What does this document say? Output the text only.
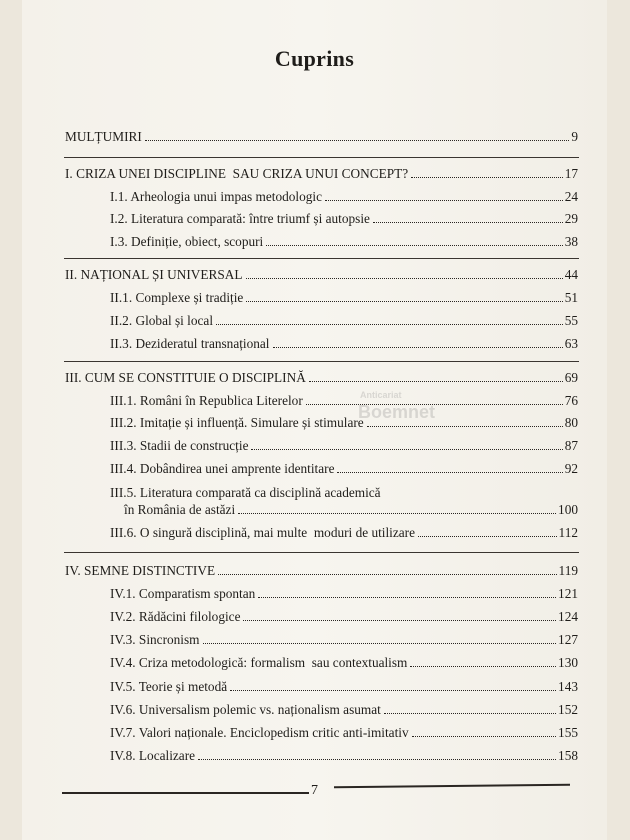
Cuprins
MULȚUMIRI	9
I. CRIZA UNEI DISCIPLINE  SAU CRIZA UNUI CONCEPT?	17
I.1. Arheologia unui impas metodologic	24
I.2. Literatura comparată: între triumf și autopsie	29
I.3. Definiție, obiect, scopuri	38
II. NAȚIONAL ȘI UNIVERSAL	44
II.1. Complexe și tradiție	51
II.2. Global și local	55
II.3. Dezideratul transnațional	63
III. CUM SE CONSTITUIE O DISCIPLINĂ	69
III.1. Români în Republica Literelor	76
III.2. Imitație și influență. Simulare și stimulare	80
III.3. Stadii de construcție	87
III.4. Dobândirea unei amprente identitare	92
III.5. Literatura comparată ca disciplină academică
în România de astăzi	100
III.6. O singură disciplină, mai multe  moduri de utilizare	112
IV. SEMNE DISTINCTIVE	119
IV.1. Comparatism spontan	121
IV.2. Rădăcini filologice	124
IV.3. Sincronism	127
IV.4. Criza metodologică: formalism  sau contextualism	130
IV.5. Teorie și metodă	143
IV.6. Universalism polemic vs. naționalism asumat	152
IV.7. Valori naționale. Enciclopedism critic anti-imitativ	155
IV.8. Localizare	158
Anticariat
Boemnet
7
